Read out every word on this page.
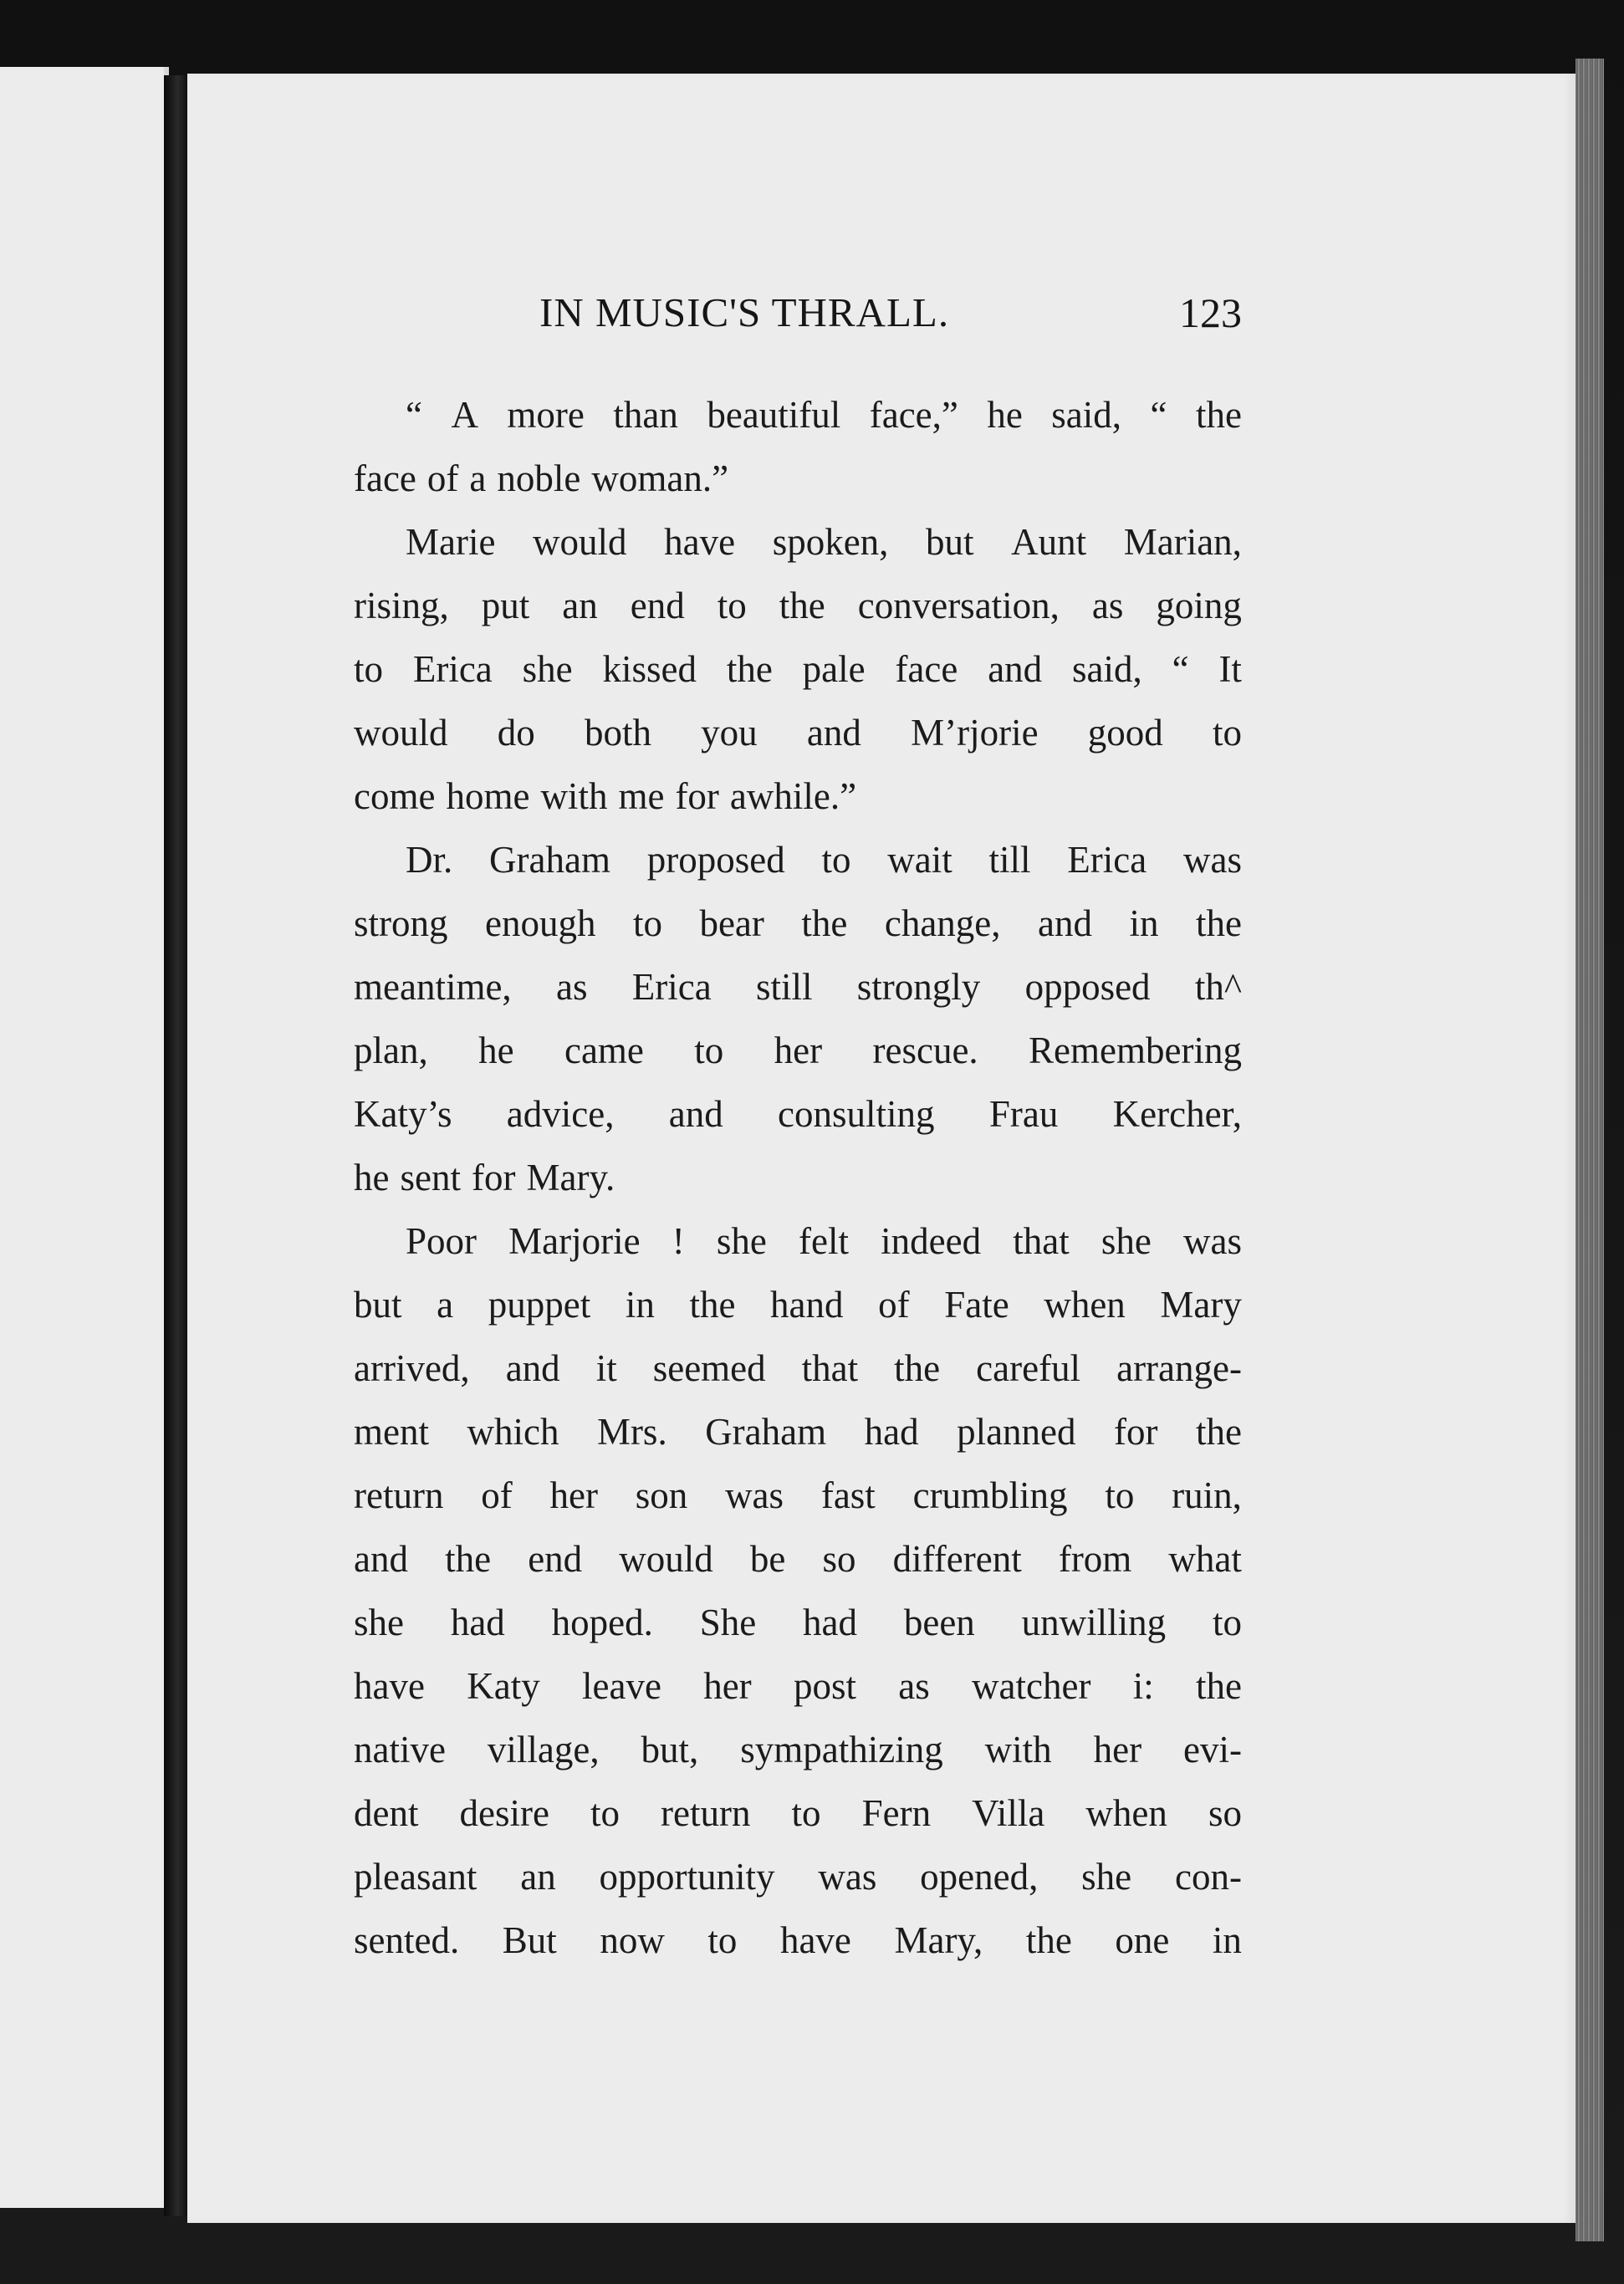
IN MUSIC'S THRALL.	123
“ A more than beautiful face,” he said, “ the
face of a noble woman.”
Marie would have spoken, but Aunt Marian,
rising, put an end to the conversation, as going
to Erica she kissed the pale face and said, “ It
would do both you and M’rjorie good to
come home with me for awhile.”
Dr. Graham proposed to wait till Erica was
strong enough to bear the change, and in the
meantime, as Erica still strongly opposed th^
plan, he came to her rescue. Remembering
Katy’s advice, and consulting Frau Kercher,
he sent for Mary.
Poor Marjorie ! she felt indeed that she was
but a puppet in the hand of Fate when Mary
arrived, and it seemed that the careful arrange-
ment which Mrs. Graham had planned for the
return of her son was fast crumbling to ruin,
and the end would be so different from what
she had hoped. She had been unwilling to
have Katy leave her post as watcher i: the
native village, but, sympathizing with her evi-
dent desire to return to Fern Villa when so
pleasant an opportunity was opened, she con-
sented. But now to have Mary, the one in
